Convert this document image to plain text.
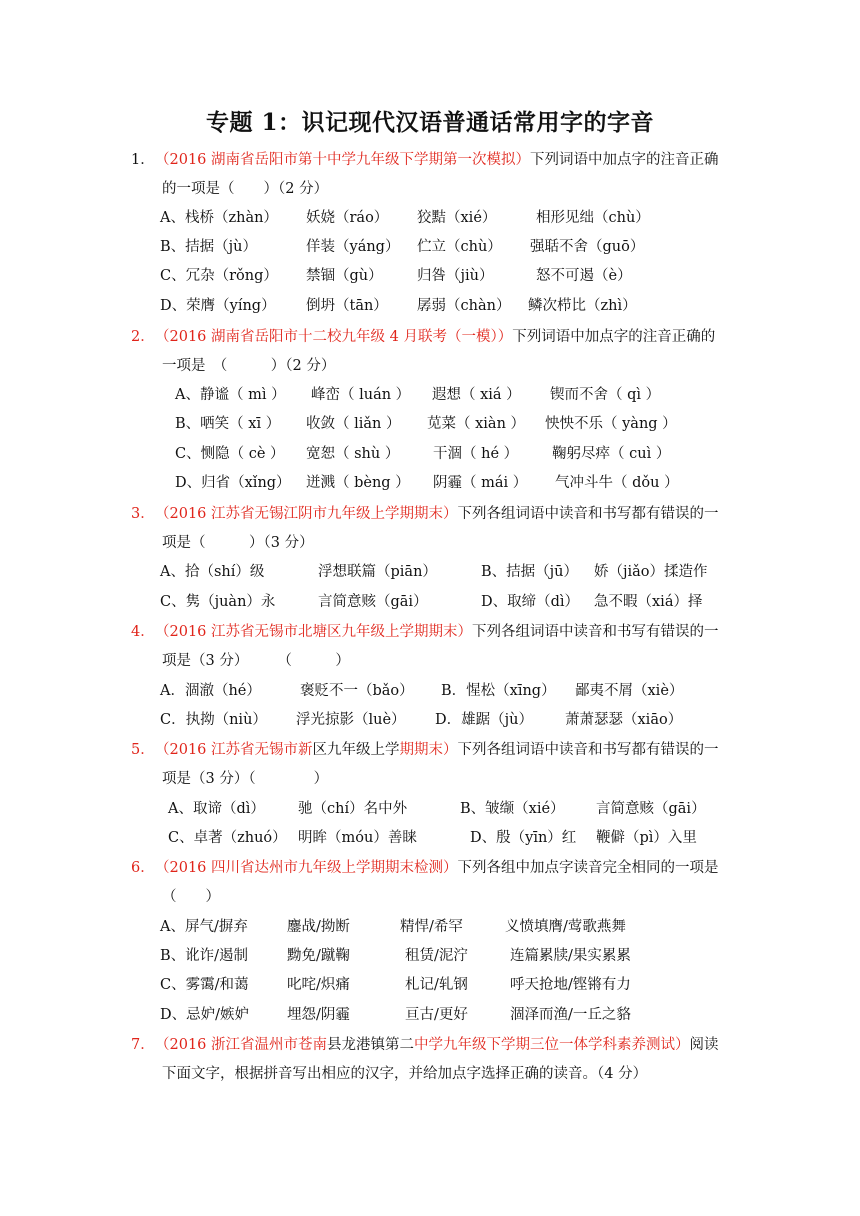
专题 1：识记现代汉语普通话常用字的字音
1． （2016 湖南省岳阳市第十中学九年级下学期第一次模拟）下列词语中加点字的注音正确
的一项是（　　）（2 分）
A、栈桥（zhàn） 妖娆（ráo） 狡黠（xié）	相形见绌（chù）
B、拮据（jù）	佯装（yáng） 伫立（chù） 强聒不舍（guō）
C、冗杂（rǒng） 禁锢（gù） 归咎（jiù）	怒不可遏（è）
D、荣膺（yíng） 倒坍（tān） 孱弱（chàn） 鳞次栉比（zhì）
2． （2016 湖南省岳阳市十二校九年级 4 月联考（一模））下列词语中加点字的注音正确的
一项是　（　　　）（2 分）
A、静谧（ mì ） 峰峦（ luán ） 遐想（ xiá ） 锲而不舍（ qì ）
B、哂笑（ xī ） 收敛（ liǎn ） 苋菜（ xiàn ） 怏怏不乐（ yàng ）
C、恻隐（ cè ） 宽恕（ shù ） 干涸（ hé ） 鞠躬尽瘁（ cuì ）
D、归省（xǐng） 迸溅（ bèng ） 阴霾（ mái ） 气冲斗牛（ dǒu ）
3． （2016 江苏省无锡江阴市九年级上学期期末）下列各组词语中读音和书写都有错误的一
项是（　　　）（3 分）
A、拾（shí）级	浮想联篇（piān）	B、拮据（jū） 娇（jiǎo）揉造作
C、隽（juàn）永	言简意赅（gāi）	D、取缔（dì） 急不暇（xiá）择
4． （2016 江苏省无锡市北塘区九年级上学期期末）下列各组词语中读音和书写有错误的一
项是（3 分）　　　（　　　）
A．涸澈（hé）	褒贬不一（bǎo） B．惺松（xīng） 鄙夷不屑（xiè）
C．执拗（niù） 浮光掠影（luè） D．雄踞（jù） 萧萧瑟瑟（xiāo）
5． （2016 江苏省无锡市新区九年级上学期期末）下列各组词语中读音和书写都有错误的一
项是（3 分）（　　　　）
A、取谛（dì） 驰（chí）名中外	B、皱缬（xié） 言简意赅（gāi）
C、卓著（zhuó） 明眸（móu）善睐	D、殷（yīn）红 鞭僻（pì）入里
6． （2016 四川省达州市九年级上学期期末检测）下列各组中加点字读音完全相同的一项是
（　　）
A、屏气/摒弃	鏖战/拗断	精悍/希罕	义愤填膺/莺歌燕舞
B、讹诈/遏制	黝免/蹴鞠	租赁/泥泞	连篇累牍/果实累累
C、雾霭/和蔼	叱咤/炽痛	札记/轧钢	呼天抢地/铿锵有力
D、忌妒/嫉妒	埋怨/阴霾	亘古/更好	涸泽而渔/一丘之貉
7． （2016 浙江省温州市苍南县龙港镇第二中学九年级下学期三位一体学科素养测试）阅读
下面文字，根据拼音写出相应的汉字，并给加点字选择正确的读音。（4 分）
